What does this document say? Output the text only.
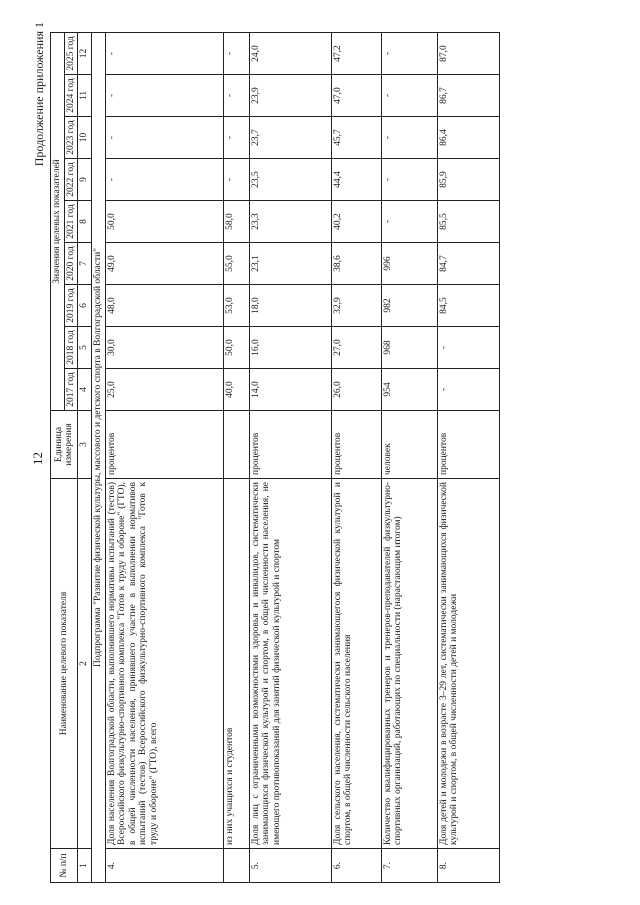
12
Продолжение приложения 1
№ п/п	Наименование целевого показателя	Единица измерения	Значения целевых показателей								
			2017 год	2018 год	2019 год	2020 год	2021 год	2022 год	2023 год	2024 год	2025 год
1	2	3	4	5	6	7	8	9	10	11	12
Подпрограмма "Развитие физической культуры, массового и детского спорта в Волгоградской области"											
4.	Доля населения Волгоградской области, выполнившего нормативы испытаний (тестов) Всероссийского физкультурно-спортивного комплекса "Готов к труду и обороне" (ГТО), в общей численности населения, принявшего участие в выполнении нормативов испытаний (тестов) Всероссийского физкультурно-спортивного комплекса "Готов к труду и обороне" (ГТО), всего	процентов	25,0	30,0	48,0	49,0	50,0	-	-	-	-
	из них учащихся и студентов		40,0	50,0	53,0	55,0	58,0	-	-	-	-
5.	Доля лиц с ограниченными возможностями здоровья и инвалидов, систематически занимающихся физической культурой и спортом, в общей численности населения, не имеющего противопоказаний для занятий физической культурой и спортом	процентов	14,0	16,0	18,0	23,1	23,3	23,5	23,7	23,9	24,0
6.	Доля сельского населения, систематически занимающегося физической культурой и спортом, в общей численности сельского населения	процентов	26,0	27,0	32,9	38,6	40,2	44,4	45,7	47,0	47,2
7.	Количество квалифицированных тренеров и тренеров-преподавателей физкультурно-спортивных организаций, работающих по специальности (нарастающим итогом)	человек	954	968	982	996	-	-	-	-	-
8.	Доля детей и молодежи в возрасте 3–29 лет, систематически занимающихся физической культурой и спортом, в общей численности детей и молодежи	процентов	-	-	84,5	84,7	85,5	85,9	86,4	86,7	87,0
